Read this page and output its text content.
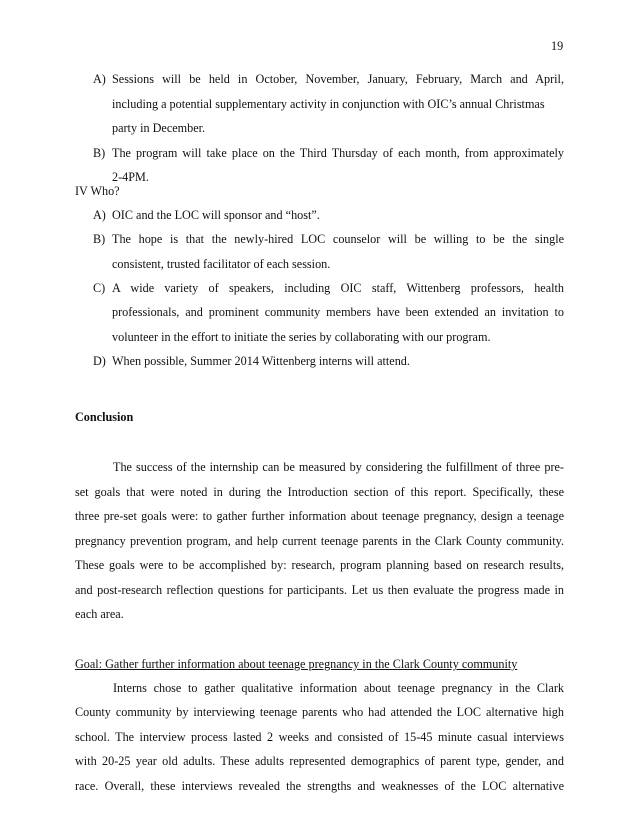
19
A) Sessions will be held in October, November, January, February, March and April,
including a potential supplementary activity in conjunction with OIC’s annual Christmas
party in December.
B) The program will take place on the Third Thursday of each month, from approximately
2-4PM.
IV Who?
A) OIC and the LOC will sponsor and “host”.
B) The hope is that the newly-hired LOC counselor will be willing to be the single
consistent, trusted facilitator of each session.
C) A wide variety of speakers, including OIC staff, Wittenberg professors, health
professionals, and prominent community members have been extended an invitation to
volunteer in the effort to initiate the series by collaborating with our program.
D) When possible, Summer 2014 Wittenberg interns will attend.
Conclusion
The success of the internship can be measured by considering the fulfillment of three pre-
set goals that were noted in during the Introduction section of this report. Specifically, these
three pre-set goals were: to gather further information about teenage pregnancy, design a teenage
pregnancy prevention program, and help current teenage parents in the Clark County community.
These goals were to be accomplished by: research, program planning based on research results,
and post-research reflection questions for participants. Let us then evaluate the progress made in
each area.
Goal: Gather further information about teenage pregnancy in the Clark County community
Interns chose to gather qualitative information about teenage pregnancy in the Clark
County community by interviewing teenage parents who had attended the LOC alternative high
school. The interview process lasted 2 weeks and consisted of 15-45 minute casual interviews
with 20-25 year old adults. These adults represented demographics of parent type, gender, and
race. Overall, these interviews revealed the strengths and weaknesses of the LOC alternative
